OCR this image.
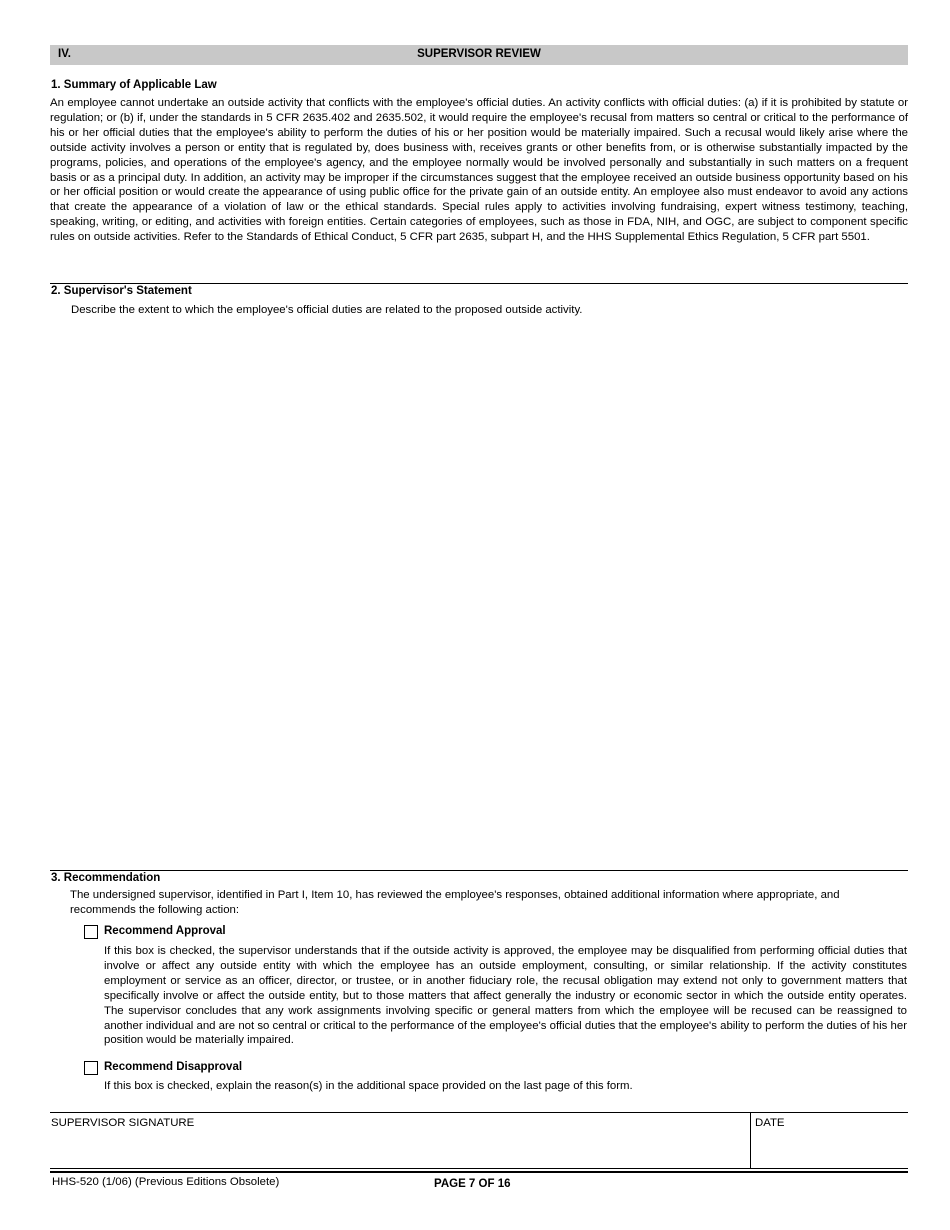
IV.	SUPERVISOR REVIEW
1. Summary of Applicable Law
An employee cannot undertake an outside activity that conflicts with the employee's official duties. An activity conflicts with official duties: (a) if it is prohibited by statute or regulation; or (b) if, under the standards in 5 CFR 2635.402 and 2635.502, it would require the employee's recusal from matters so central or critical to the performance of his or her official duties that the employee's ability to perform the duties of his or her position would be materially impaired. Such a recusal would likely arise where the outside activity involves a person or entity that is regulated by, does business with, receives grants or other benefits from, or is otherwise substantially impacted by the programs, policies, and operations of the employee's agency, and the employee normally would be involved personally and substantially in such matters on a frequent basis or as a principal duty. In addition, an activity may be improper if the circumstances suggest that the employee received an outside business opportunity based on his or her official position or would create the appearance of using public office for the private gain of an outside entity. An employee also must endeavor to avoid any actions that create the appearance of a violation of law or the ethical standards. Special rules apply to activities involving fundraising, expert witness testimony, teaching, speaking, writing, or editing, and activities with foreign entities. Certain categories of employees, such as those in FDA, NIH, and OGC, are subject to component specific rules on outside activities. Refer to the Standards of Ethical Conduct, 5 CFR part 2635, subpart H, and the HHS Supplemental Ethics Regulation, 5 CFR part 5501.
2. Supervisor's Statement
Describe the extent to which the employee's official duties are related to the proposed outside activity.
3. Recommendation
The undersigned supervisor, identified in Part I, Item 10, has reviewed the employee's responses, obtained additional information where appropriate, and recommends the following action:
Recommend Approval
If this box is checked, the supervisor understands that if the outside activity is approved, the employee may be disqualified from performing official duties that involve or affect any outside entity with which the employee has an outside employment, consulting, or similar relationship. If the activity constitutes employment or service as an officer, director, or trustee, or in another fiduciary role, the recusal obligation may extend not only to government matters that specifically involve or affect the outside entity, but to those matters that affect generally the industry or economic sector in which the outside entity operates. The supervisor concludes that any work assignments involving specific or general matters from which the employee will be recused can be reassigned to another individual and are not so central or critical to the performance of the employee's official duties that the employee's ability to perform the duties of his her position would be materially impaired.
Recommend Disapproval
If this box is checked, explain the reason(s) in the additional space provided on the last page of this form.
SUPERVISOR SIGNATURE	DATE
HHS-520 (1/06) (Previous Editions Obsolete)	PAGE 7 OF 16
